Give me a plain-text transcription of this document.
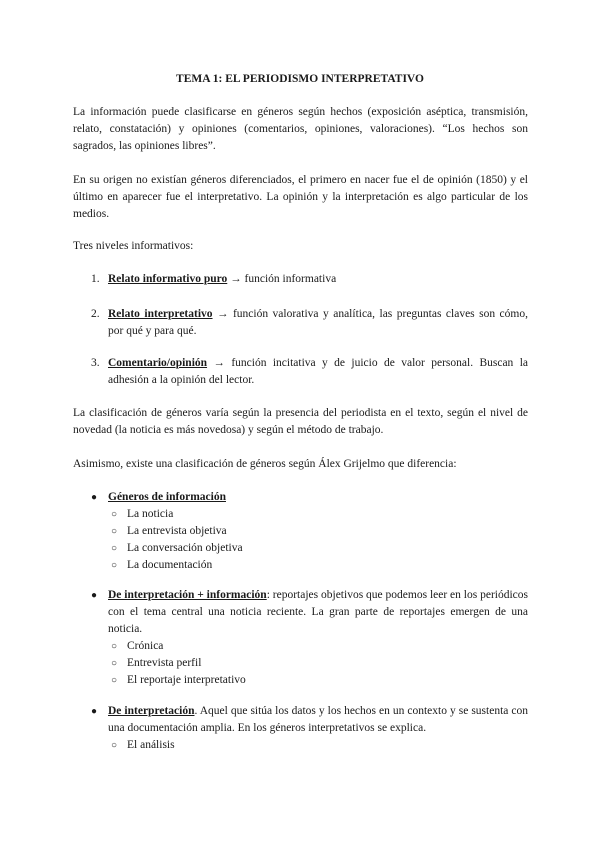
TEMA 1: EL PERIODISMO INTERPRETATIVO
La información puede clasificarse en géneros según hechos (exposición aséptica, transmisión, relato, constatación) y opiniones (comentarios, opiniones, valoraciones). “Los hechos son sagrados, las opiniones libres”.
En su origen no existían géneros diferenciados, el primero en nacer fue el de opinión (1850) y el último en aparecer fue el interpretativo. La opinión y la interpretación es algo particular de los medios.
Tres niveles informativos:
1. Relato informativo puro → función informativa
2. Relato interpretativo → función valorativa y analítica, las preguntas claves son cómo, por qué y para qué.
3. Comentario/opinión → función incitativa y de juicio de valor personal. Buscan la adhesión a la opinión del lector.
La clasificación de géneros varía según la presencia del periodista en el texto, según el nivel de novedad (la noticia es más novedosa) y según el método de trabajo.
Asimismo, existe una clasificación de géneros según Álex Grijelmo que diferencia:
● Géneros de información
○ La noticia
○ La entrevista objetiva
○ La conversación objetiva
○ La documentación
● De interpretación + información: reportajes objetivos que podemos leer en los periódicos con el tema central una noticia reciente. La gran parte de reportajes emergen de una noticia.
○ Crónica
○ Entrevista perfil
○ El reportaje interpretativo
● De interpretación. Aquel que sitúa los datos y los hechos en un contexto y se sustenta con una documentación amplia. En los géneros interpretativos se explica.
○ El análisis
